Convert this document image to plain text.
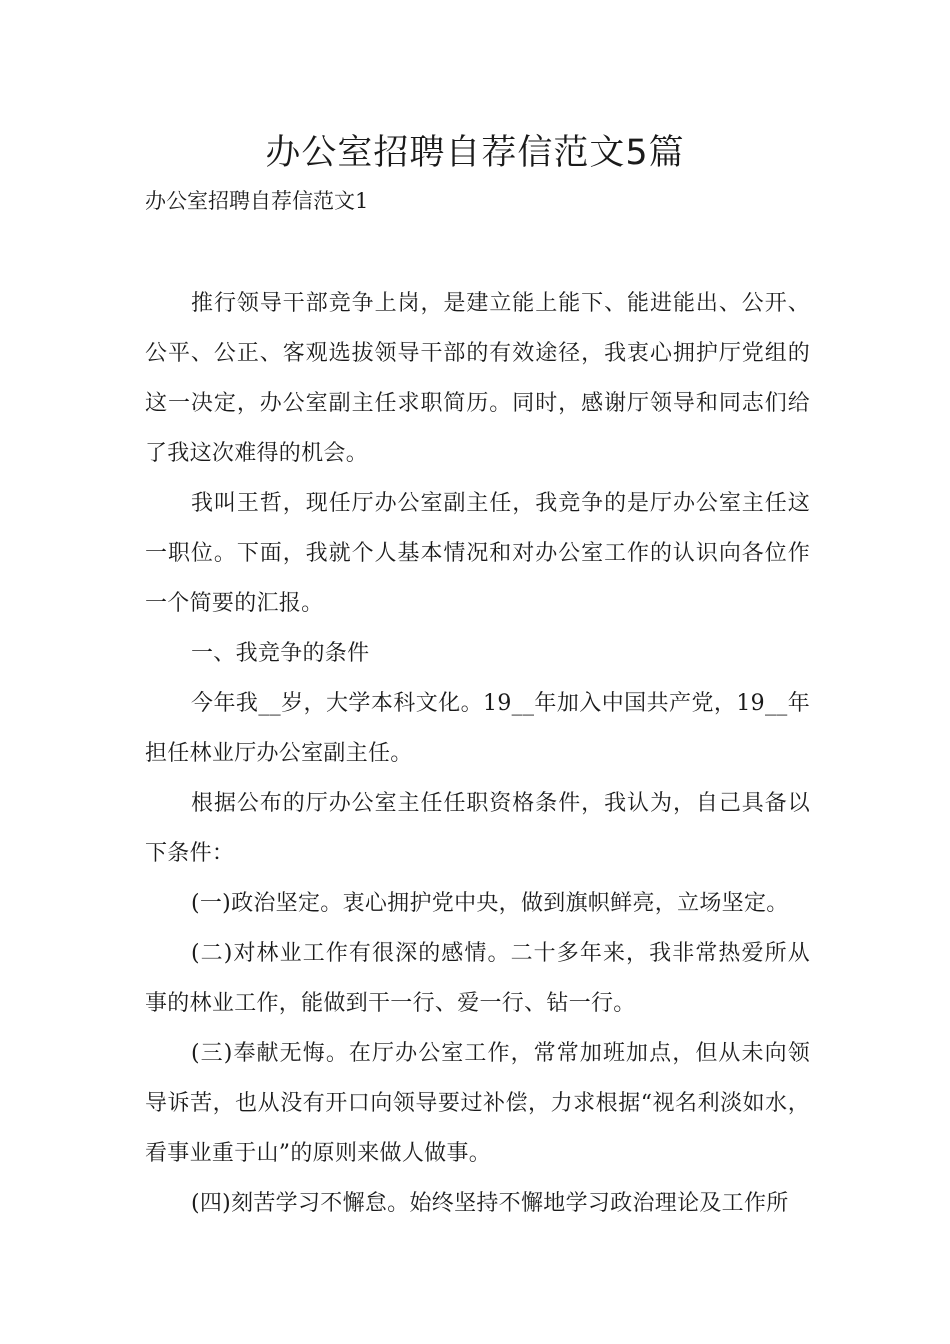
办公室招聘自荐信范文5篇
办公室招聘自荐信范文1

推行领导干部竞争上岗，是建立能上能下、能进能出、公开、公平、公正、客观选拔领导干部的有效途径，我衷心拥护厅党组的这一决定，办公室副主任求职简历。同时，感谢厅领导和同志们给了我这次难得的机会。

我叫王哲，现任厅办公室副主任，我竞争的是厅办公室主任这一职位。下面，我就个人基本情况和对办公室工作的认识向各位作一个简要的汇报。

一、我竞争的条件

今年我__岁，大学本科文化。19__年加入中国共产党，19__年担任林业厅办公室副主任。

根据公布的厅办公室主任任职资格条件，我认为，自己具备以下条件：

(一)政治坚定。衷心拥护党中央，做到旗帜鲜亮，立场坚定。

(二)对林业工作有很深的感情。二十多年来，我非常热爱所从事的林业工作，能做到干一行、爱一行、钻一行。

(三)奉献无悔。在厅办公室工作，常常加班加点，但从未向领导诉苦，也从没有开口向领导要过补偿，力求根据“视名利淡如水，看事业重于山”的原则来做人做事。

(四)刻苦学习不懈怠。始终坚持不懈地学习政治理论及工作所
